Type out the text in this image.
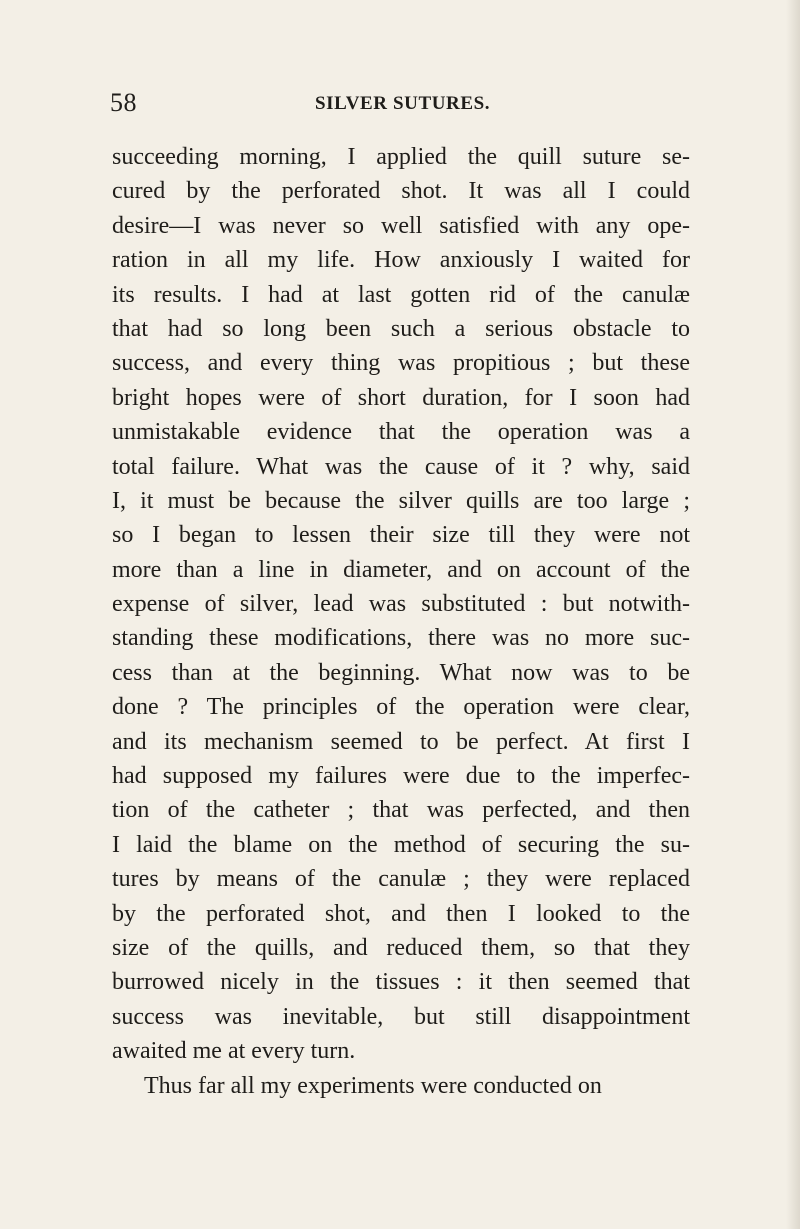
58	SILVER SUTURES.
succeeding morning, I applied the quill suture se-
cured by the perforated shot. It was all I could
desire—I was never so well satisfied with any ope-
ration in all my life. How anxiously I waited for
its results. I had at last gotten rid of the canulæ
that had so long been such a serious obstacle to
success, and every thing was propitious ; but these
bright hopes were of short duration, for I soon had
unmistakable evidence that the operation was a
total failure. What was the cause of it ? why, said
I, it must be because the silver quills are too large ;
so I began to lessen their size till they were not
more than a line in diameter, and on account of the
expense of silver, lead was substituted : but notwith-
standing these modifications, there was no more suc-
cess than at the beginning. What now was to be
done ? The principles of the operation were clear,
and its mechanism seemed to be perfect. At first I
had supposed my failures were due to the imperfec-
tion of the catheter ; that was perfected, and then
I laid the blame on the method of securing the su-
tures by means of the canulæ ; they were replaced
by the perforated shot, and then I looked to the
size of the quills, and reduced them, so that they
burrowed nicely in the tissues : it then seemed that
success was inevitable, but still disappointment
awaited me at every turn.
Thus far all my experiments were conducted on
